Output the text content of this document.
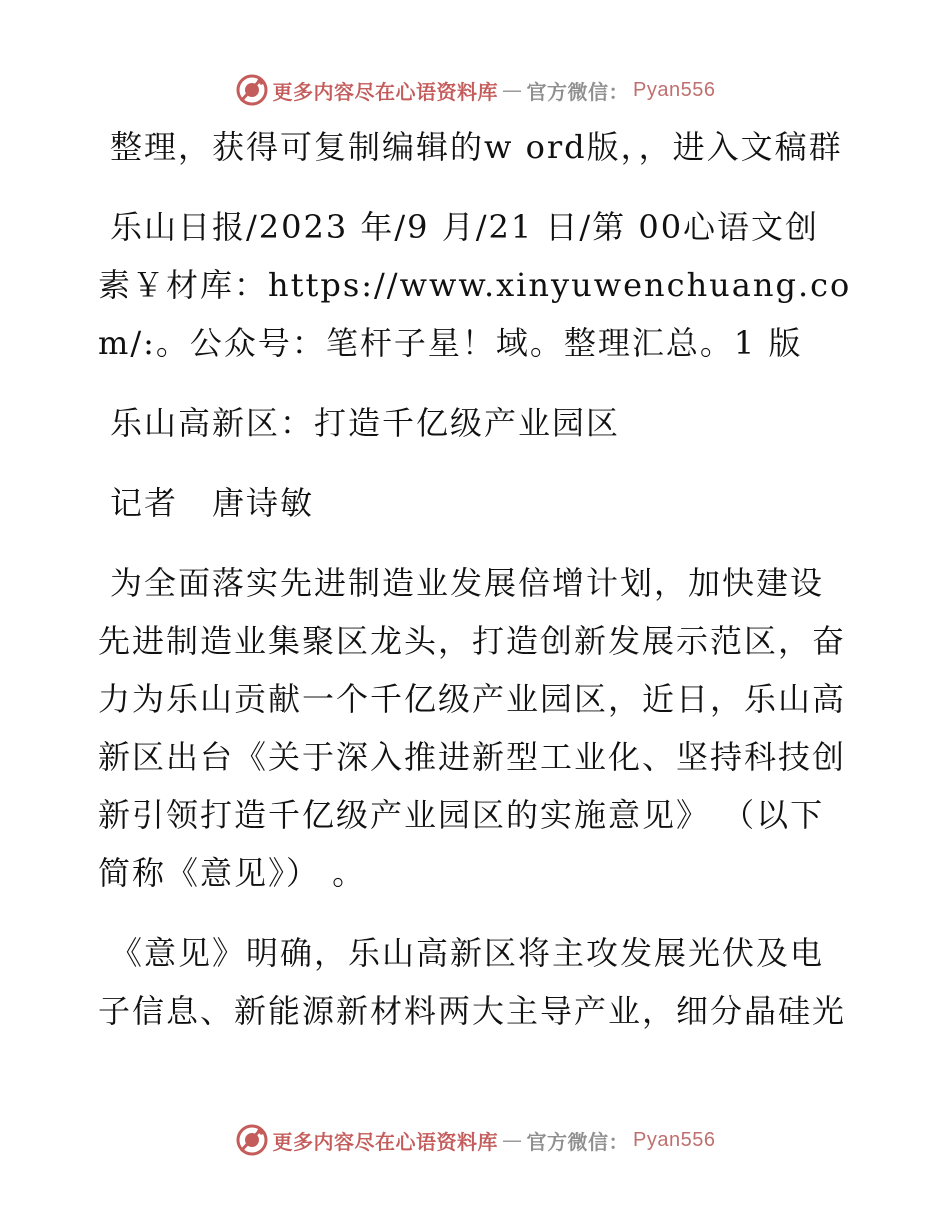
更多内容尽在心语资料库 — 官方微信： Pyan556

整理，获得可复制编辑的w ord版，，进入文稿群

乐山日报/2023 年/9 月/21 日/第 00心语文创素￥材库：https://www.xinyuwenchuang.com/:。公众号：笔杆子星！域。整理汇总。1 版

乐山高新区：打造千亿级产业园区

记者　唐诗敏

为全面落实先进制造业发展倍增计划，加快建设先进制造业集聚区龙头，打造创新发展示范区，奋力为乐山贡献一个千亿级产业园区，近日，乐山高新区出台《关于深入推进新型工业化、坚持科技创新引领打造千亿级产业园区的实施意见》 （以下简称《意见》） 。

《意见》明确，乐山高新区将主攻发展光伏及电子信息、新能源新材料两大主导产业，细分晶硅光

更多内容尽在心语资料库 — 官方微信： Pyan556
